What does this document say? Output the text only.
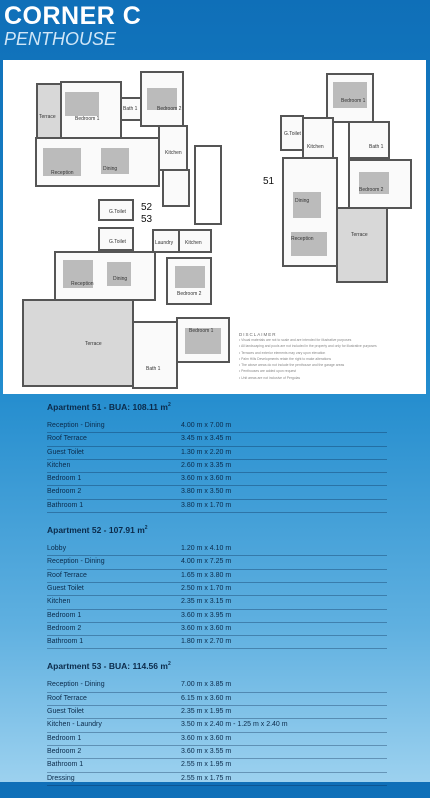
CORNER C
PENTHOUSE
Terrace	Bedroom 1
Bath 1	Bedroom 2
Kitchen
Reception
Dining
G.Toilet
G.Toilet	Laundry Kitchen
Reception
Dining
Bedroom 2
Terrace
Bedroom 1
Bath 1
Bedroom 1
G.Toilet
Kitchen	Bath 1
Dining
Bedroom 2
Reception
Terrace
51
52
53
DISCLAIMER
• Visual materials are not to scale and are intended for illustrative purposes
• All landscaping and pools are not included in the property and only for illustrative purposes
• Terraces and exterior elements may vary upon elevation
• Palm Hills Developments retain the right to make alterations
• The above areas do not include the penthouse and the garage areas
• Penthouses are added upon request
• Unit areas are not inclusive of Pergolas
Apartment 51 - BUA: 108.11 $m^2$
Reception - Dining	4.00 m x 7.00 m
Roof Terrace	3.45 m x 3.45 m
Guest Toilet	1.30 m x 2.20 m
Kitchen	2.60 m x 3.35 m
Bedroom 1	3.60 m x 3.60 m
Bedroom 2	3.80 m x 3.50 m
Bathroom 1	3.80 m x 1.70 m
Apartment 52 - 107.91 $m^2$
Lobby	1.20 m x 4.10 m
Reception - Dining	4.00 m x 7.25 m
Roof Terrace	1.65 m x 3.80 m
Guest Toilet	2.50 m x 1.70 m
Kitchen	2.35 m x 3.15 m
Bedroom 1	3.60 m x 3.95 m
Bedroom 2	3.60 m x 3.60 m
Bathroom 1	1.80 m x 2.70 m
Apartment 53 - BUA: 114.56 $m^2$
Reception - Dining	7.00 m x 3.85 m
Roof Terrace	6.15 m x 3.60 m
Guest Toilet	2.35 m x 1.95 m
Kitchen - Laundry	3.50 m x 2.40 m - 1.25 m x 2.40 m
Bedroom 1	3.60 m x 3.60 m
Bedroom 2	3.60 m x 3.55 m
Bathroom 1	2.55 m x 1.95 m
Dressing	2.55 m x 1.75 m
